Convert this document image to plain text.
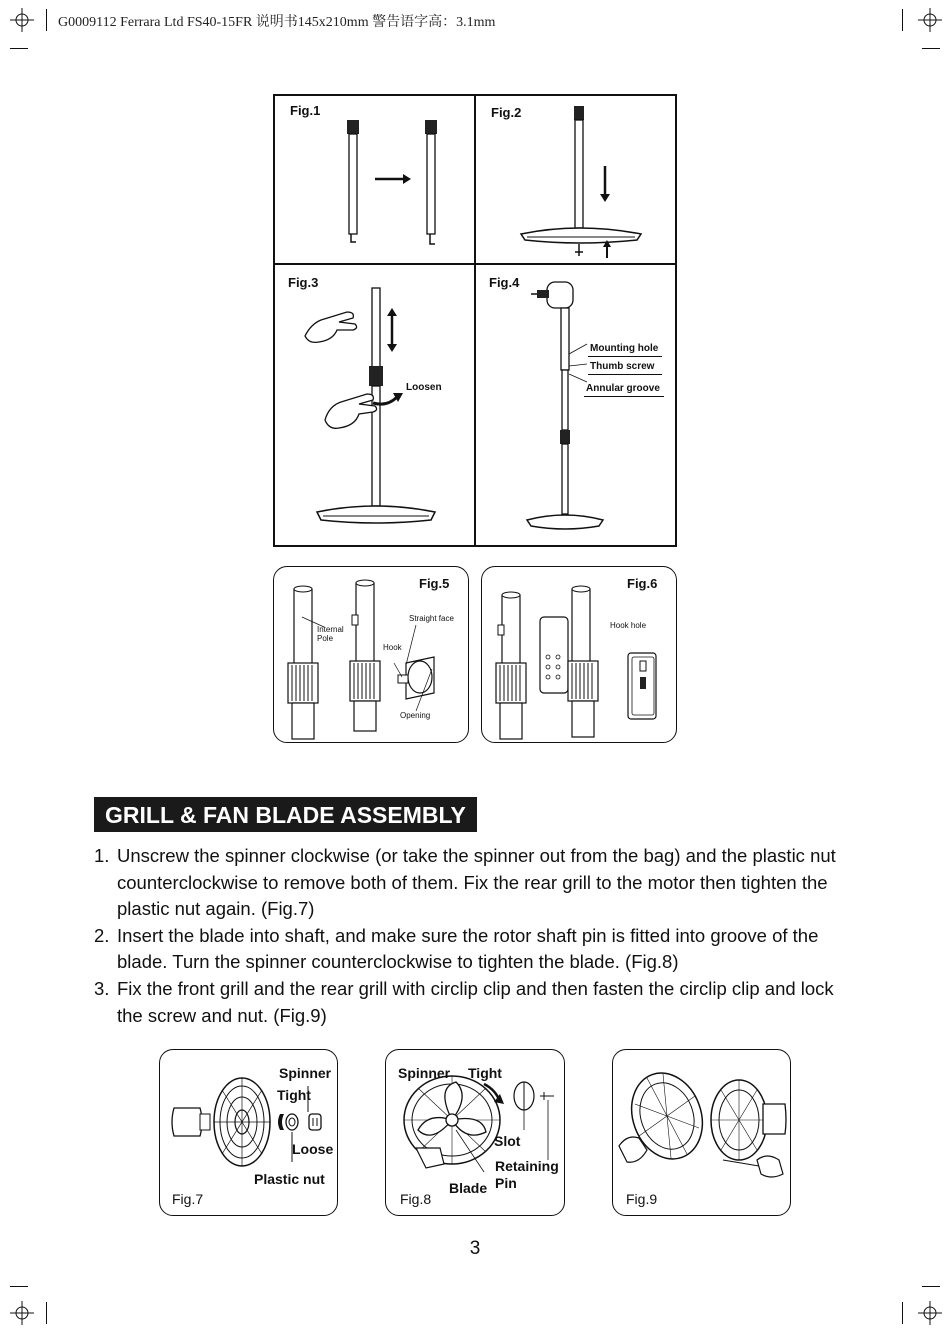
G0009112 Ferrara Ltd FS40-15FR 说明书145x210mm 警告语字高：3.1mm
Fig.1	Fig.2
Fig.3
Loosen
Fig.4
Mounting hole
Thumb screw
Annular groove
Fig.5
Internal
Pole
Straight face
Hook
Opening
Fig.6
Hook hole
GRILL & FAN BLADE ASSEMBLY
1. Unscrew the spinner clockwise (or take the spinner out from the bag) and the plastic nut counterclockwise to remove both of them. Fix the rear grill to the motor then tighten the plastic nut again. (Fig.7)
2. Insert the blade into shaft, and make sure the rotor shaft pin is fitted into groove of the blade. Turn the spinner counterclockwise to tighten the blade. (Fig.8)
3. Fix the front grill and the rear grill with circlip clip and then fasten the circlip clip and lock the screw and nut. (Fig.9)
Spinner
Tight
Loose
Plastic nut
Fig.7
Spinner Tight
Slot
Retaining
Pin
Blade
Fig.8	Fig.9
3
